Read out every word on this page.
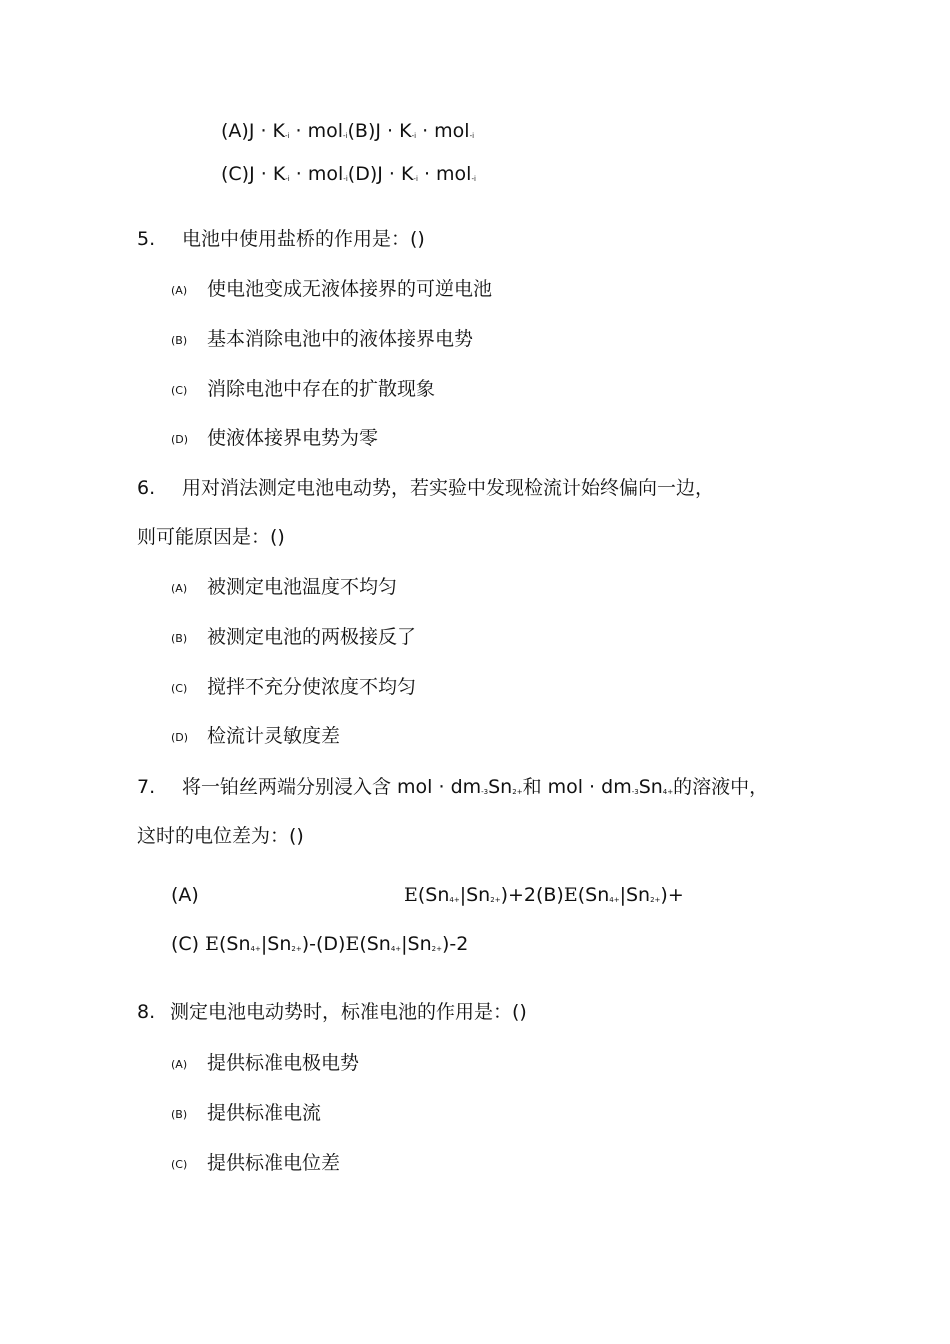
(A)J · K-i · mol-i(B)J · K-i · mol-i
(C)J · K-i · mol-i(D)J · K-i · mol-i
5. 电池中使用盐桥的作用是：()
(A) 使电池变成无液体接界的可逆电池
(B) 基本消除电池中的液体接界电势
(C) 消除电池中存在的扩散现象
(D) 使液体接界电势为零
6. 用对消法测定电池电动势，若实验中发现检流计始终偏向一边，
则可能原因是：()
(A) 被测定电池温度不均匀
(B) 被测定电池的两极接反了
(C) 搅拌不充分使浓度不均匀
(D) 检流计灵敏度差
7. 将一铂丝两端分别浸入含 mol · dm-3Sn2+和 mol · dm-3Sn4+的溶液中，
这时的电位差为：()
(A)	E(Sn4+|Sn2+)+2(B)E(Sn4+|Sn2+)+
(C) E(Sn4+|Sn2+)-(D)E(Sn4+|Sn2+)-2
8. 测定电池电动势时，标准电池的作用是：()
(A) 提供标准电极电势
(B) 提供标准电流
(C) 提供标准电位差
